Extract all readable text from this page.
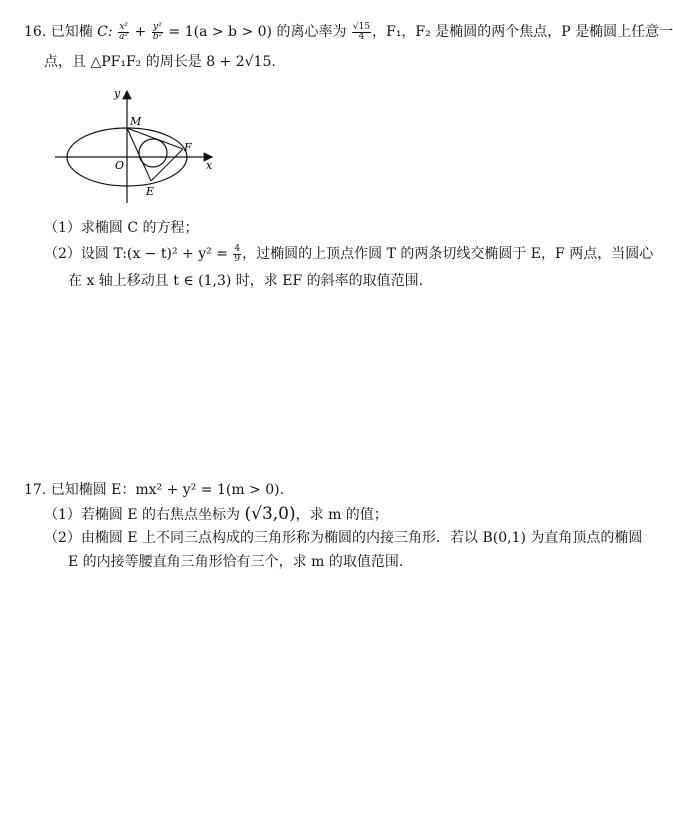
16. 已知椭 C: $\frac{\text{x²}}{\text{a²}} + \frac{\text{y²}}{\text{b²}} = 1(a > b > 0)$ 的离心率为 $\frac{√15}{4}$ ，F₁，F₂ 是椭圆的两个焦点，P 是椭圆上任意一
点，且 △PF₁F₂ 的周长是 8 + 2√15.
y
x
O
M
F
E
（1）求椭圆 C 的方程；
（2）设圆 T:(x − $t)^2 + y^2 = \frac{4}{9}$ ，过椭圆的上顶点作圆 T 的两条切线交椭圆于 E，F 两点，当圆心
在 x 轴上移动且 t ∈ (1,3) 时，求 EF 的斜率的取值范围.
17. 已知椭圆 E：mx² + y² = 1(m > 0).
（1）若椭圆 E 的右焦点坐标为 (√3,0)，求 m 的值；
（2）由椭圆 E 上不同三点构成的三角形称为椭圆的内接三角形．若以 B(0,1) 为直角顶点的椭圆
E 的内接等腰直角三角形恰有三个，求 m 的取值范围.
